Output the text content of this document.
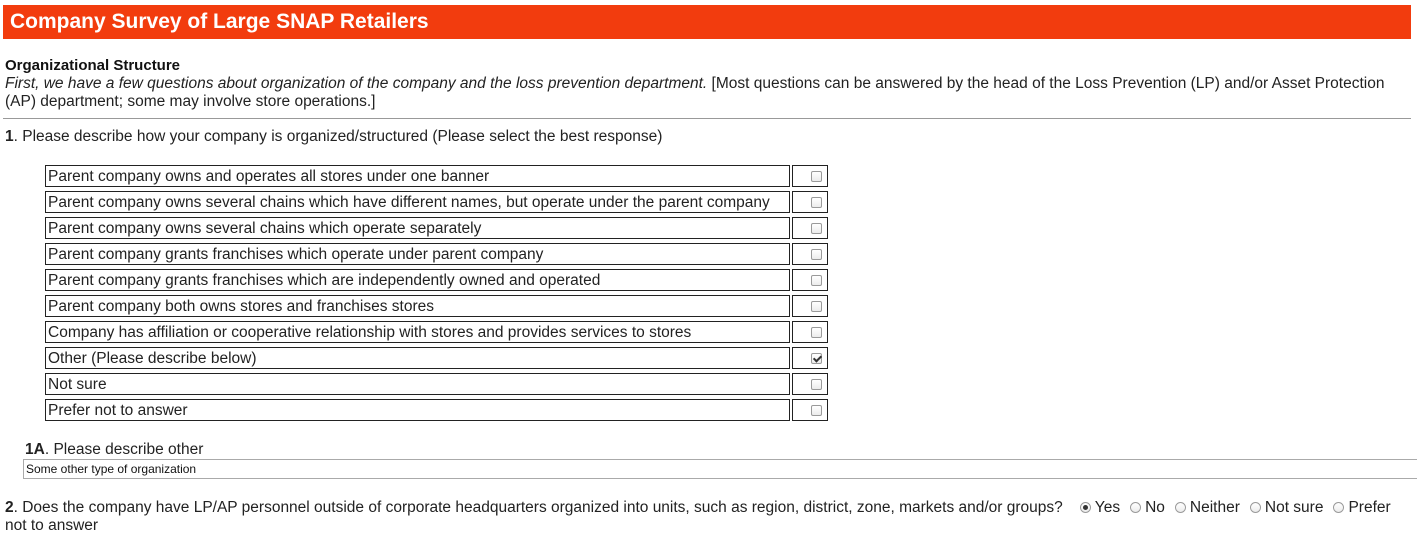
Company Survey of Large SNAP Retailers
Organizational Structure
First, we have a few questions about organization of the company and the loss prevention department. [Most questions can be answered by the head of the Loss Prevention (LP) and/or Asset Protection (AP) department; some may involve store operations.]
1. Please describe how your company is organized/structured (Please select the best response)
Parent company owns and operates all stores under one banner
Parent company owns several chains which have different names, but operate under the parent company
Parent company owns several chains which operate separately
Parent company grants franchises which operate under parent company
Parent company grants franchises which are independently owned and operated
Parent company both owns stores and franchises stores
Company has affiliation or cooperative relationship with stores and provides services to stores
Other (Please describe below)
Not sure
Prefer not to answer
1A. Please describe other
Some other type of organization
2. Does the company have LP/AP personnel outside of corporate headquarters organized into units, such as region, district, zone, markets and/or groups? Yes No Neither Not sure Prefer not to answer
